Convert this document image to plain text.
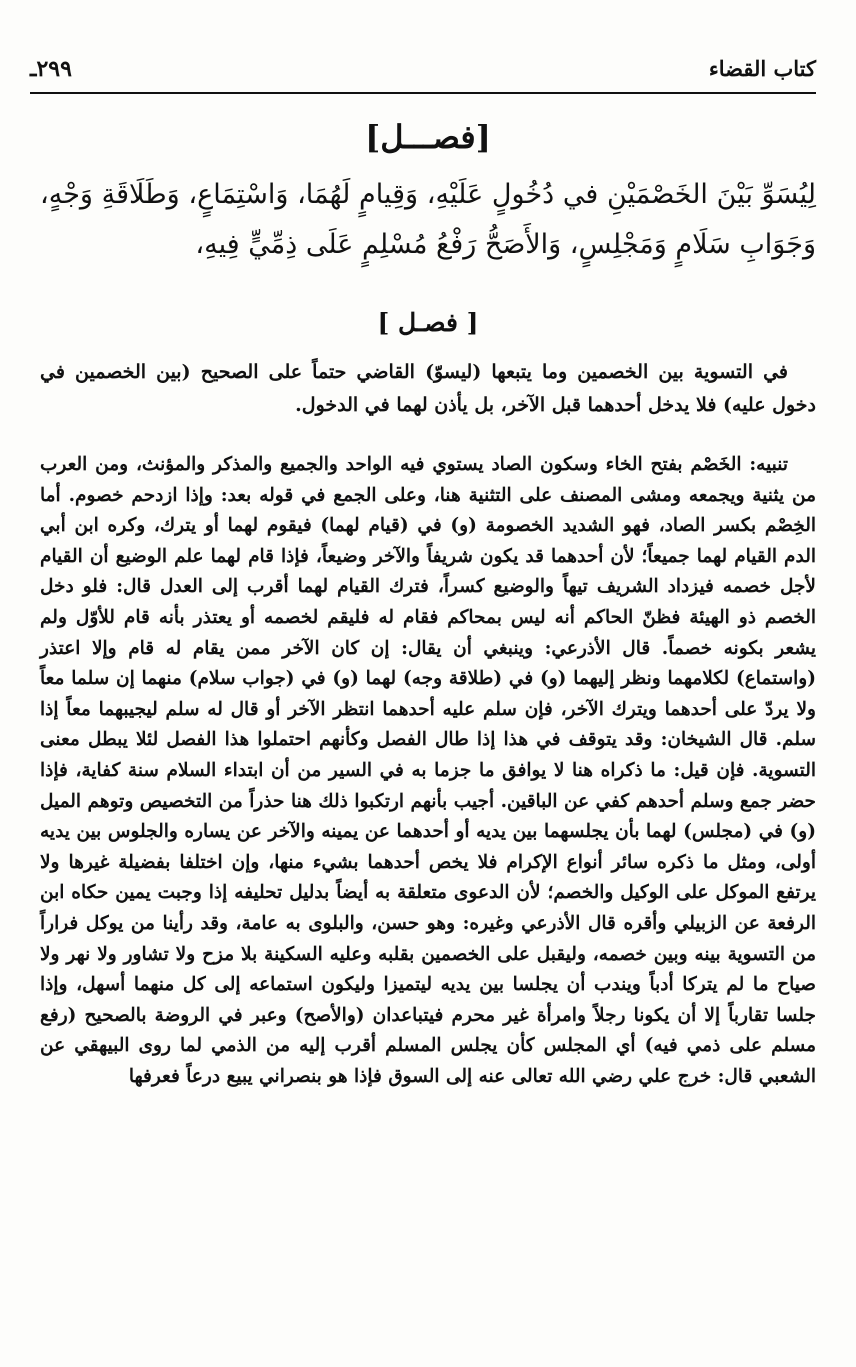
كتاب القضاء
٢٩٩ـ
[فصـــل]
لِيُسَوِّ بَيْنَ الخَصْمَيْنِ في دُخُولٍ عَلَيْهِ، وَقِيامٍ لَهُمَا، وَاسْتِمَاعٍ، وَطَلَاقَةِ وَجْهٍ، وَجَوَابِ سَلَامٍ وَمَجْلِسٍ، وَالأَصَحُّ رَفْعُ مُسْلِمٍ عَلَى ذِمِّيٍّ فِيهِ،
[ فصـل ]
في التسوية بين الخصمين وما يتبعها (ليسوّ) القاضي حتماً على الصحيح (بين الخصمين في دخول عليه) فلا يدخل أحدهما قبل الآخر، بل يأذن لهما في الدخول.
تنبيه: الخَصْم بفتح الخاء وسكون الصاد يستوي فيه الواحد والجميع والمذكر والمؤنث، ومن العرب من يثنية ويجمعه ومشى المصنف على التثنية هنا، وعلى الجمع في قوله بعد: وإذا ازدحم خصوم. أما الخِصْم بكسر الصاد، فهو الشديد الخصومة (و) في (قيام لهما) فيقوم لهما أو يترك، وكره ابن أبي الدم القيام لهما جميعاً؛ لأن أحدهما قد يكون شريفاً والآخر وضيعاً، فإذا قام لهما علم الوضيع أن القيام لأجل خصمه فيزداد الشريف تيهاً والوضيع كسراً، فترك القيام لهما أقرب إلى العدل قال: فلو دخل الخصم ذو الهيئة فظنّ الحاكم أنه ليس بمحاكم فقام له فليقم لخصمه أو يعتذر بأنه قام للأوّل ولم يشعر بكونه خصماً. قال الأذرعي: وينبغي أن يقال: إن كان الآخر ممن يقام له قام وإلا اعتذر (واستماع) لكلامهما ونظر إليهما (و) في (طلاقة وجه) لهما (و) في (جواب سلام) منهما إن سلما معاً ولا يردّ على أحدهما ويترك الآخر، فإن سلم عليه أحدهما انتظر الآخر أو قال له سلم ليجيبهما معاً إذا سلم. قال الشيخان: وقد يتوقف في هذا إذا طال الفصل وكأنهم احتملوا هذا الفصل لئلا يبطل معنى التسوية. فإن قيل: ما ذكراه هنا لا يوافق ما جزما به في السير من أن ابتداء السلام سنة كفاية، فإذا حضر جمع وسلم أحدهم كفي عن الباقين. أجيب بأنهم ارتكبوا ذلك هنا حذراً من التخصيص وتوهم الميل (و) في (مجلس) لهما بأن يجلسهما بين يديه أو أحدهما عن يمينه والآخر عن يساره والجلوس بين يديه أولى، ومثل ما ذكره سائر أنواع الإكرام فلا يخص أحدهما بشيء منها، وإن اختلفا بفضيلة غيرها ولا يرتفع الموكل على الوكيل والخصم؛ لأن الدعوى متعلقة به أيضاً بدليل تحليفه إذا وجبت يمين حكاه ابن الرفعة عن الزبيلي وأقره قال الأذرعي وغيره: وهو حسن، والبلوى به عامة، وقد رأينا من يوكل فراراً من التسوية بينه وبين خصمه، وليقبل على الخصمين بقلبه وعليه السكينة بلا مزح ولا تشاور ولا نهر ولا صياح ما لم يتركا أدباً ويندب أن يجلسا بين يديه ليتميزا وليكون استماعه إلى كل منهما أسهل، وإذا جلسا تقارباً إلا أن يكونا رجلاً وامرأة غير محرم فيتباعدان (والأصح) وعبر في الروضة بالصحيح (رفع مسلم على ذمي فيه) أي المجلس كأن يجلس المسلم أقرب إليه من الذمي لما روى البيهقي عن الشعبي قال: خرج علي رضي الله تعالى عنه إلى السوق فإذا هو بنصراني يبيع درعاً فعرفها
